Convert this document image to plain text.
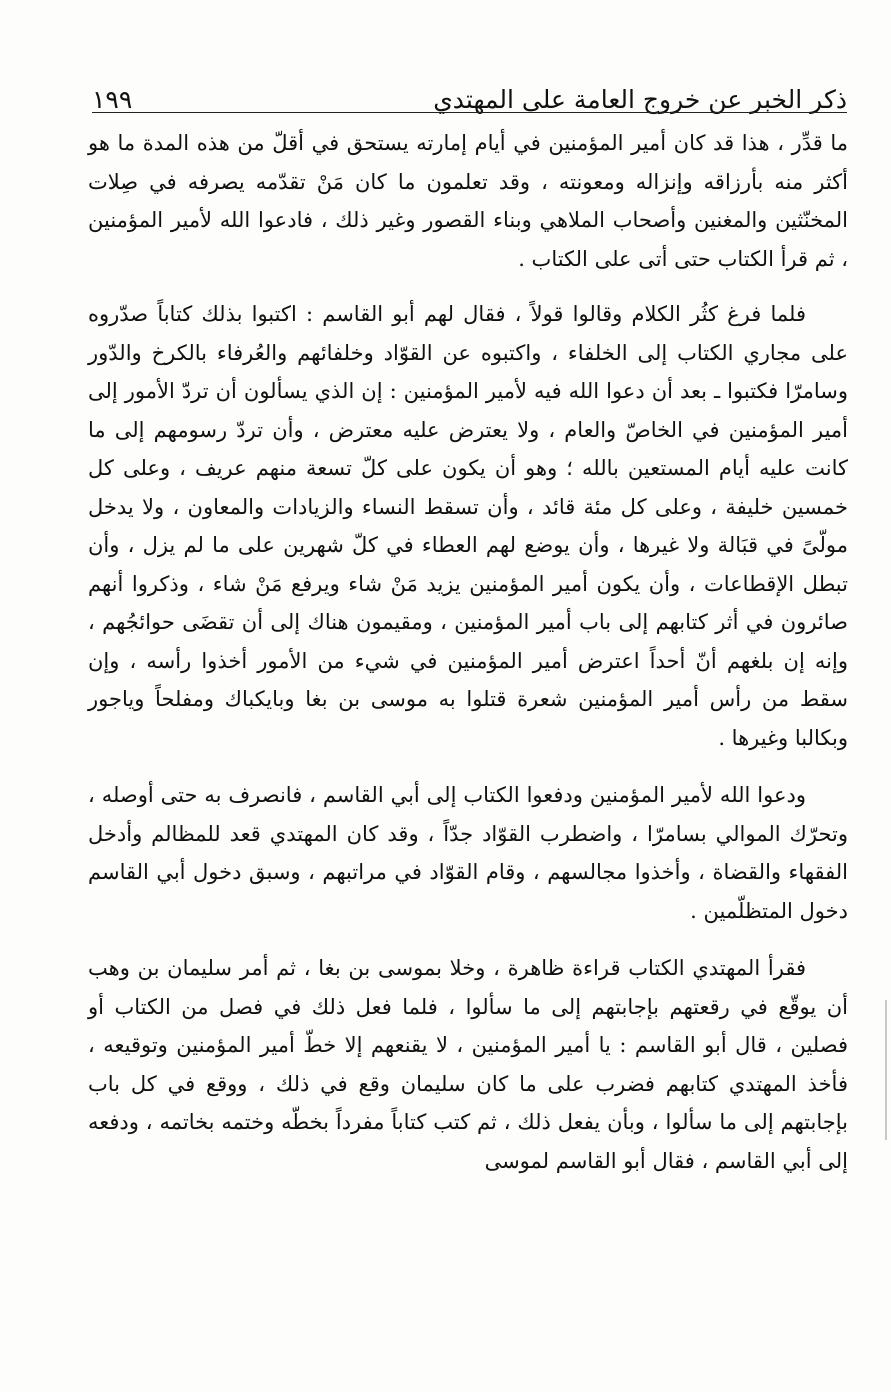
ذكر الخبر عن خروج العامة على المهتدي
١٩٩

ما قدِّر ، هذا قد كان أمير المؤمنين في أيام إمارته يستحق في أقلّ من هذه المدة ما هو أكثر منه بأرزاقه وإنزاله ومعونته ، وقد تعلمون ما كان مَنْ تقدّمه يصرفه في صِلات المخنّثين والمغنين وأصحاب الملاهي وبناء القصور وغير ذلك ، فادعوا الله لأمير المؤمنين ، ثم قرأ الكتاب حتى أتى على الكتاب .

فلما فرغ كثُر الكلام وقالوا قولاً ، فقال لهم أبو القاسم : اكتبوا بذلك كتاباً صدّروه على مجاري الكتاب إلى الخلفاء ، واكتبوه عن القوّاد وخلفائهم والعُرفاء بالكرخ والدّور وسامرّا فكتبوا ـ بعد أن دعوا الله فيه لأمير المؤمنين : إن الذي يسألون أن تردّ الأمور إلى أمير المؤمنين في الخاصّ والعام ، ولا يعترض عليه معترض ، وأن تردّ رسومهم إلى ما كانت عليه أيام المستعين بالله ؛ وهو أن يكون على كلّ تسعة منهم عريف ، وعلى كل خمسين خليفة ، وعلى كل مئة قائد ، وأن تسقط النساء والزيادات والمعاون ، ولا يدخل مولّىً في قبَالة ولا غيرها ، وأن يوضع لهم العطاء في كلّ شهرين على ما لم يزل ، وأن تبطل الإقطاعات ، وأن يكون أمير المؤمنين يزيد مَنْ شاء ويرفع مَنْ شاء ، وذكروا أنهم صائرون في أثر كتابهم إلى باب أمير المؤمنين ، ومقيمون هناك إلى أن تقضَى حوائجُهم ، وإنه إن بلغهم أنّ أحداً اعترض أمير المؤمنين في شيء من الأمور أخذوا رأسه ، وإن سقط من رأس أمير المؤمنين شعرة قتلوا به موسى بن بغا وبايكباك ومفلحاً وياجور وبكالبا وغيرها .

ودعوا الله لأمير المؤمنين ودفعوا الكتاب إلى أبي القاسم ، فانصرف به حتى أوصله ، وتحرّك الموالي بسامرّا ، واضطرب القوّاد جدّاً ، وقد كان المهتدي قعد للمظالم وأدخل الفقهاء والقضاة ، وأخذوا مجالسهم ، وقام القوّاد في مراتبهم ، وسبق دخول أبي القاسم دخول المتظلّمين .

فقرأ المهتدي الكتاب قراءة ظاهرة ، وخلا بموسى بن بغا ، ثم أمر سليمان بن وهب أن يوقّع في رقعتهم بإجابتهم إلى ما سألوا ، فلما فعل ذلك في فصل من الكتاب أو فصلين ، قال أبو القاسم : يا أمير المؤمنين ، لا يقنعهم إلا خطّ أمير المؤمنين وتوقيعه ، فأخذ المهتدي كتابهم فضرب على ما كان سليمان وقع في ذلك ، ووقع في كل باب بإجابتهم إلى ما سألوا ، وبأن يفعل ذلك ، ثم كتب كتاباً مفرداً بخطّه وختمه بخاتمه ، ودفعه إلى أبي القاسم ، فقال أبو القاسم لموسى
